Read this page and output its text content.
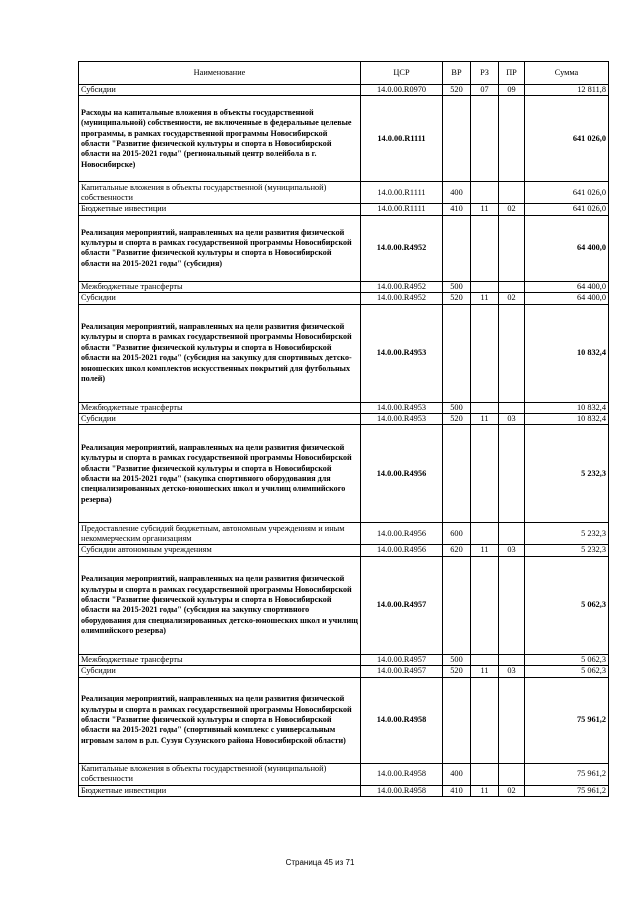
Наименование	ЦСР	ВР	РЗ	ПР	Сумма
Субсидии	14.0.00.R0970	520	07	09	12 811,8
Расходы на капитальные вложения в объекты государственной (муниципальной) собственности, не включенные в федеральные целевые программы, в рамках государственной программы Новосибирской области "Развитие физической культуры и спорта в Новосибирской области на 2015-2021 годы" (региональный центр волейбола в г. Новосибирске)	14.0.00.R1111				641 026,0
Капитальные вложения в объекты государственной (муниципальной) собственности	14.0.00.R1111	400			641 026,0
Бюджетные инвестиции	14.0.00.R1111	410	11	02	641 026,0
Реализация мероприятий, направленных на цели развития физической культуры и спорта в рамках государственной программы Новосибирской области "Развитие физической культуры и спорта в Новосибирской области на 2015-2021 годы" (субсидия)	14.0.00.R4952				64 400,0
Межбюджетные трансферты	14.0.00.R4952	500			64 400,0
Субсидии	14.0.00.R4952	520	11	02	64 400,0
Реализация мероприятий, направленных на цели развития физической культуры и спорта в рамках государственной программы Новосибирской области "Развитие физической культуры и спорта в Новосибирской области на 2015-2021 годы" (субсидия на закупку для спортивных детско-юношеских школ комплектов искусственных покрытий для футбольных полей)	14.0.00.R4953				10 832,4
Межбюджетные трансферты	14.0.00.R4953	500			10 832,4
Субсидии	14.0.00.R4953	520	11	03	10 832,4
Реализация мероприятий, направленных на цели развития физической культуры и спорта в рамках государственной программы Новосибирской области "Развитие физической культуры и спорта в Новосибирской области на 2015-2021 годы" (закупка спортивного оборудования для специализированных детско-юношеских школ и училищ олимпийского резерва)	14.0.00.R4956				5 232,3
Предоставление субсидий бюджетным, автономным учреждениям и иным некоммерческим организациям	14.0.00.R4956	600			5 232,3
Субсидии автономным учреждениям	14.0.00.R4956	620	11	03	5 232,3
Реализация мероприятий, направленных на цели развития физической культуры и спорта в рамках государственной программы Новосибирской области "Развитие физической культуры и спорта в Новосибирской области на 2015-2021 годы" (субсидия на закупку спортивного оборудования для специализированных детско-юношеских школ и училищ олимпийского резерва)	14.0.00.R4957				5 062,3
Межбюджетные трансферты	14.0.00.R4957	500			5 062,3
Субсидии	14.0.00.R4957	520	11	03	5 062,3
Реализация мероприятий, направленных на цели развития физической культуры и спорта в рамках государственной программы Новосибирской области "Развитие физической культуры и спорта в Новосибирской области на 2015-2021 годы" (спортивный комплекс с универсальным игровым залом в р.п. Сузун Сузунского района Новосибирской области)	14.0.00.R4958				75 961,2
Капитальные вложения в объекты государственной (муниципальной) собственности	14.0.00.R4958	400			75 961,2
Бюджетные инвестиции	14.0.00.R4958	410	11	02	75 961,2
Страница 45 из 71
